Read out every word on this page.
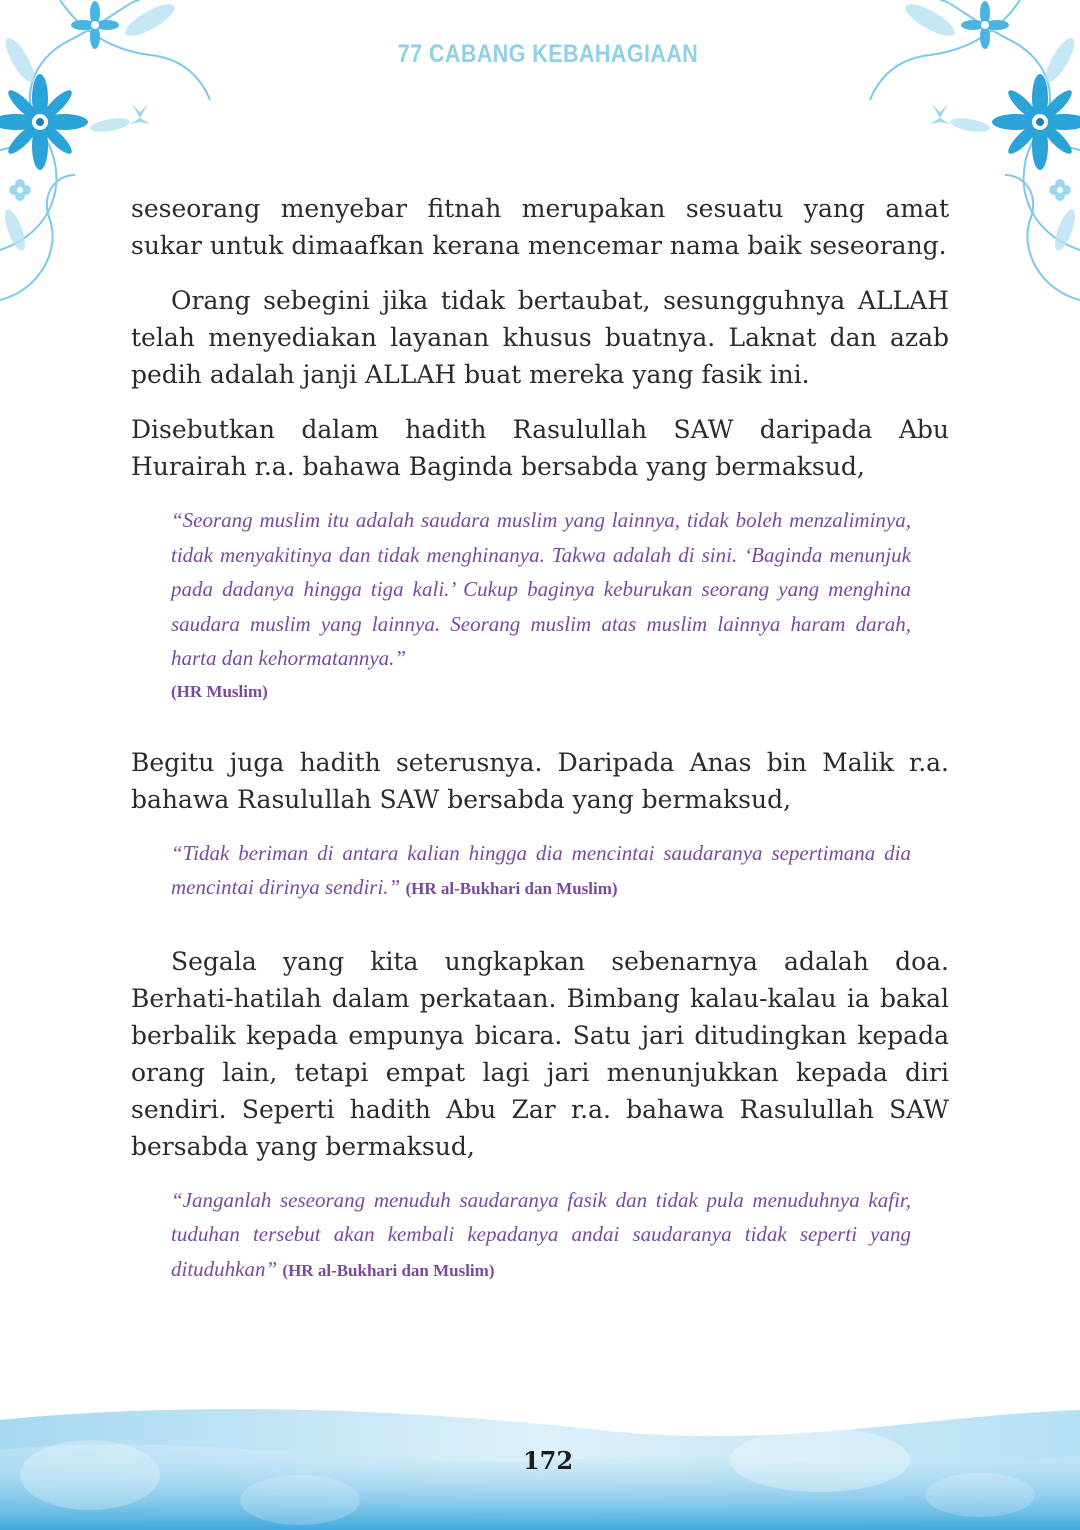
77 CABANG KEBAHAGIAAN

seseorang menyebar fitnah merupakan sesuatu yang amat sukar untuk dimaafkan kerana mencemar nama baik seseorang.

Orang sebegini jika tidak bertaubat, sesungguhnya ALLAH telah menyediakan layanan khusus buatnya. Laknat dan azab pedih adalah janji ALLAH buat mereka yang fasik ini.

Disebutkan dalam hadith Rasulullah SAW daripada Abu Hurairah r.a. bahawa Baginda bersabda yang bermaksud,

“Seorang muslim itu adalah saudara muslim yang lainnya, tidak boleh menzaliminya, tidak menyakitinya dan tidak menghinanya. Takwa adalah di sini. ‘Baginda menunjuk pada dadanya hingga tiga kali.’ Cukup baginya keburukan seorang yang menghina saudara muslim yang lainnya. Seorang muslim atas muslim lainnya haram darah, harta dan kehormatannya.”
(HR Muslim)

Begitu juga hadith seterusnya. Daripada Anas bin Malik r.a. bahawa Rasulullah SAW bersabda yang bermaksud,

“Tidak beriman di antara kalian hingga dia mencintai saudaranya sepertimana dia mencintai dirinya sendiri.” (HR al-Bukhari dan Muslim)

Segala yang kita ungkapkan sebenarnya adalah doa. Berhati-hatilah dalam perkataan. Bimbang kalau-kalau ia bakal berbalik kepada empunya bicara. Satu jari ditudingkan kepada orang lain, tetapi empat lagi jari menunjukkan kepada diri sendiri. Seperti hadith Abu Zar r.a. bahawa Rasulullah SAW bersabda yang bermaksud,

“Janganlah seseorang menuduh saudaranya fasik dan tidak pula menuduhnya kafir, tuduhan tersebut akan kembali kepadanya andai saudaranya tidak seperti yang dituduhkan” (HR al-Bukhari dan Muslim)
172
